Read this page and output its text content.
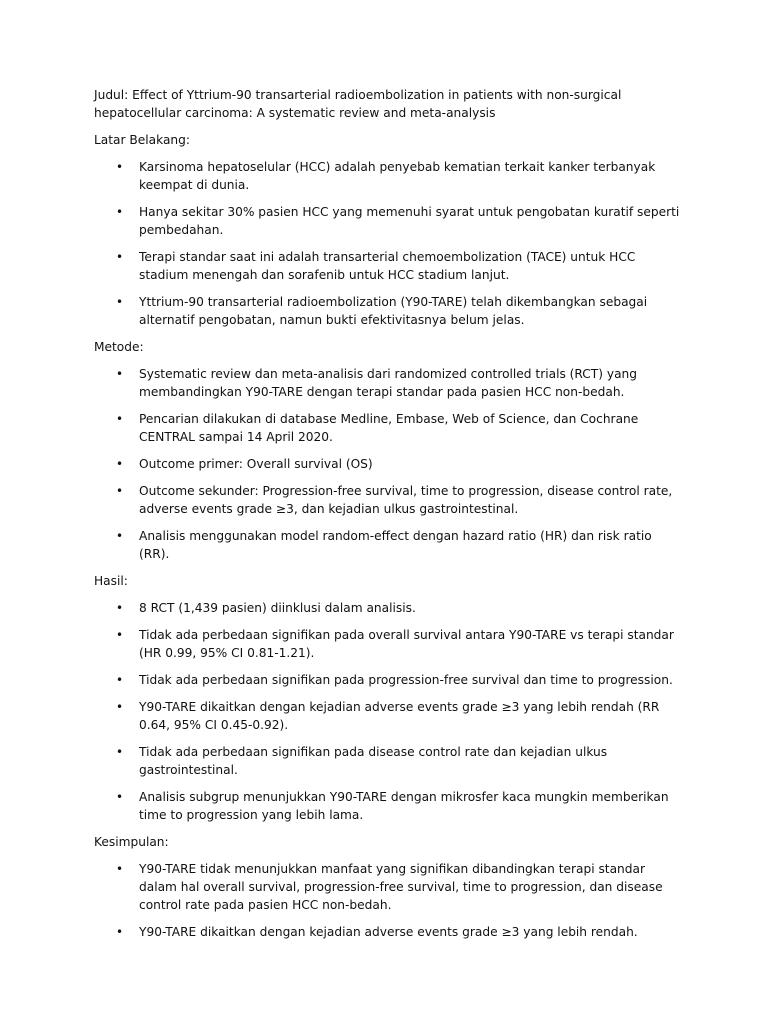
Judul: Effect of Yttrium-90 transarterial radioembolization in patients with non-surgical hepatocellular carcinoma: A systematic review and meta-analysis

Latar Belakang:

• Karsinoma hepatoselular (HCC) adalah penyebab kematian terkait kanker terbanyak keempat di dunia.
• Hanya sekitar 30% pasien HCC yang memenuhi syarat untuk pengobatan kuratif seperti pembedahan.
• Terapi standar saat ini adalah transarterial chemoembolization (TACE) untuk HCC stadium menengah dan sorafenib untuk HCC stadium lanjut.
• Yttrium-90 transarterial radioembolization (Y90-TARE) telah dikembangkan sebagai alternatif pengobatan, namun bukti efektivitasnya belum jelas.

Metode:

• Systematic review dan meta-analisis dari randomized controlled trials (RCT) yang membandingkan Y90-TARE dengan terapi standar pada pasien HCC non-bedah.
• Pencarian dilakukan di database Medline, Embase, Web of Science, dan Cochrane CENTRAL sampai 14 April 2020.
• Outcome primer: Overall survival (OS)
• Outcome sekunder: Progression-free survival, time to progression, disease control rate, adverse events grade ≥3, dan kejadian ulkus gastrointestinal.
• Analisis menggunakan model random-effect dengan hazard ratio (HR) dan risk ratio (RR).

Hasil:

• 8 RCT (1,439 pasien) diinklusi dalam analisis.
• Tidak ada perbedaan signifikan pada overall survival antara Y90-TARE vs terapi standar (HR 0.99, 95% CI 0.81-1.21).
• Tidak ada perbedaan signifikan pada progression-free survival dan time to progression.
• Y90-TARE dikaitkan dengan kejadian adverse events grade ≥3 yang lebih rendah (RR 0.64, 95% CI 0.45-0.92).
• Tidak ada perbedaan signifikan pada disease control rate dan kejadian ulkus gastrointestinal.
• Analisis subgrup menunjukkan Y90-TARE dengan mikrosfer kaca mungkin memberikan time to progression yang lebih lama.

Kesimpulan:

• Y90-TARE tidak menunjukkan manfaat yang signifikan dibandingkan terapi standar dalam hal overall survival, progression-free survival, time to progression, dan disease control rate pada pasien HCC non-bedah.
• Y90-TARE dikaitkan dengan kejadian adverse events grade ≥3 yang lebih rendah.
